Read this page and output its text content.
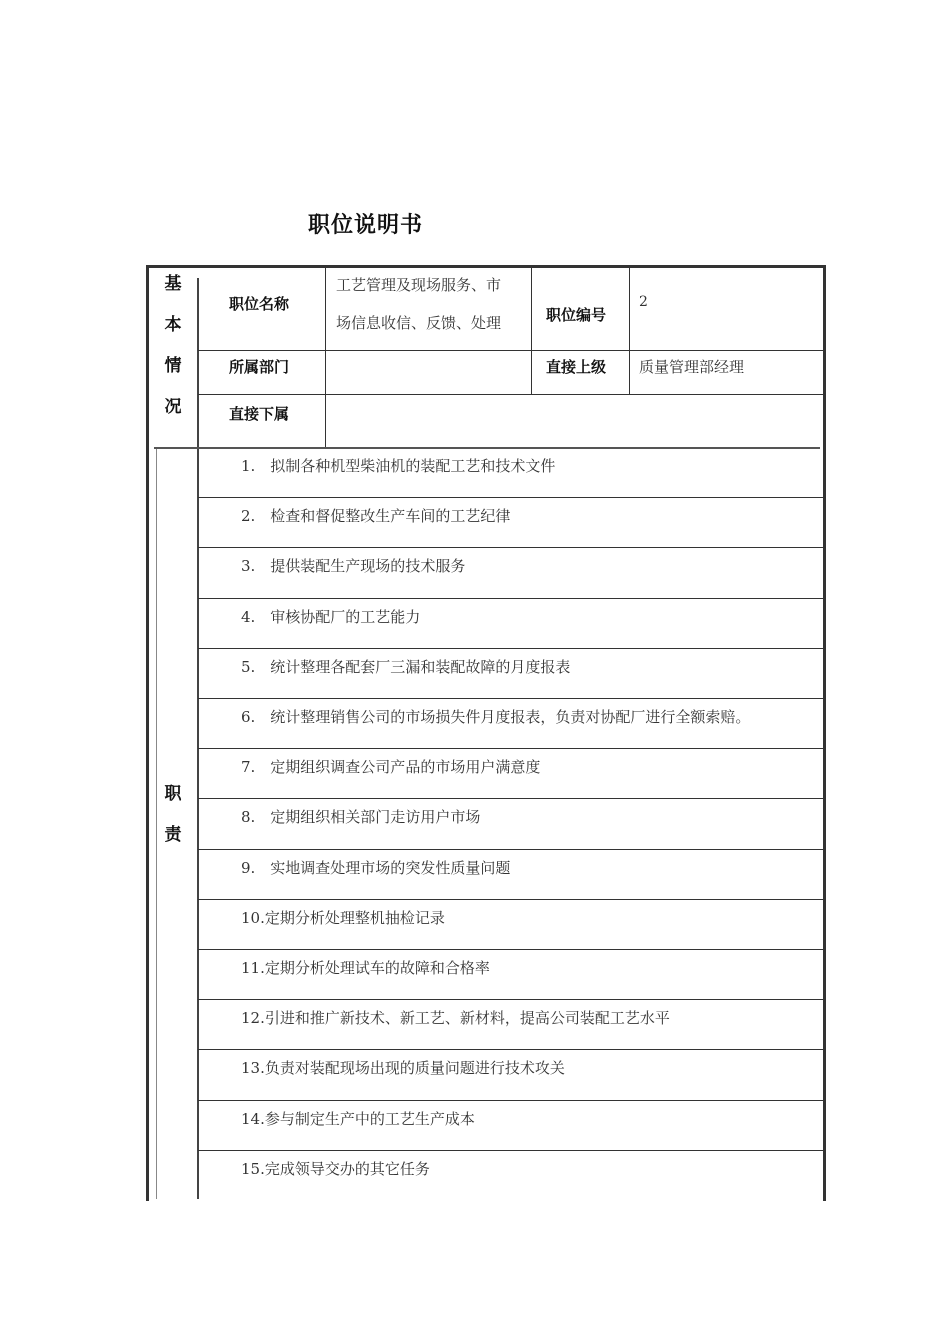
职位说明书
基
本
情
况
职位名称
工艺管理及现场服务、市
场信息收信、反馈、处理	职位编号
2
所属部门	直接上级 质量管理部经理
直接下属
职
责
1.　拟制各种机型柴油机的装配工艺和技术文件
2.　检查和督促整改生产车间的工艺纪律
3.　提供装配生产现场的技术服务
4.　审核协配厂的工艺能力
5.　统计整理各配套厂三漏和装配故障的月度报表
6.　统计整理销售公司的市场损失件月度报表，负责对协配厂进行全额索赔。
7.　定期组织调查公司产品的市场用户满意度
8.　定期组织相关部门走访用户市场
9.　实地调查处理市场的突发性质量问题
10.定期分析处理整机抽检记录
11.定期分析处理试车的故障和合格率
12.引进和推广新技术、新工艺、新材料，提高公司装配工艺水平
13.负责对装配现场出现的质量问题进行技术攻关
14.参与制定生产中的工艺生产成本
15.完成领导交办的其它任务
